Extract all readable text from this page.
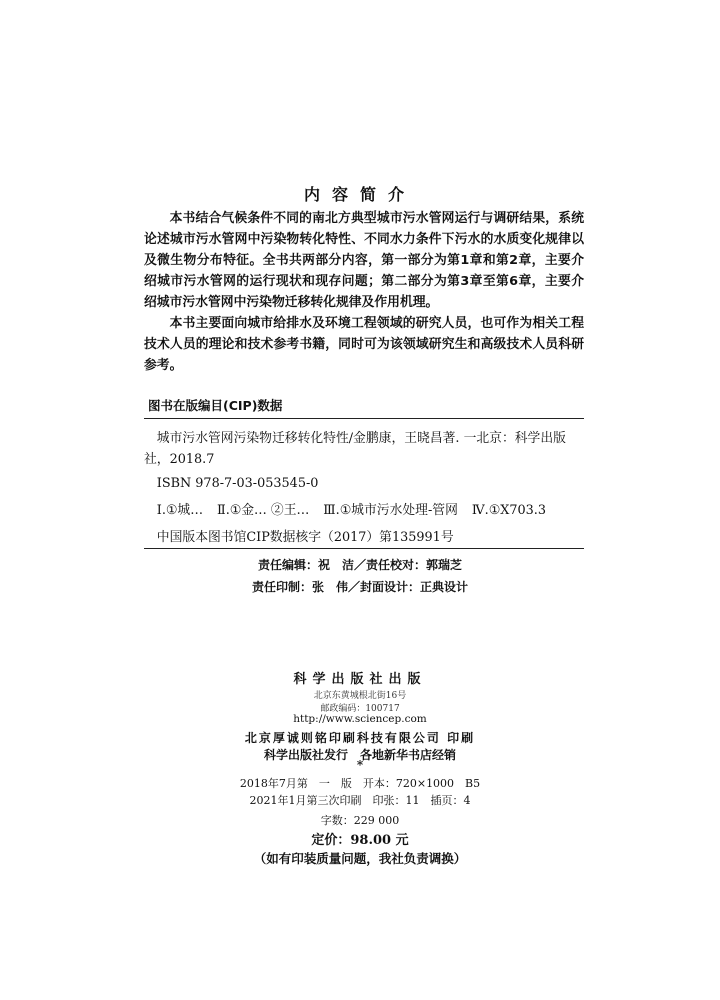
内容简介

本书结合气候条件不同的南北方典型城市污水管网运行与调研结果，系统论述城市污水管网中污染物转化特性、不同水力条件下污水的水质变化规律以及微生物分布特征。全书共两部分内容，第一部分为第1章和第2章，主要介绍城市污水管网的运行现状和现存问题；第二部分为第3章至第6章，主要介绍城市污水管网中污染物迁移转化规律及作用机理。

本书主要面向城市给排水及环境工程领域的研究人员，也可作为相关工程技术人员的理论和技术参考书籍，同时可为该领域研究生和高级技术人员科研参考。

图书在版编目(CIP)数据
城市污水管网污染物迁移转化特性/金鹏康，王晓昌著. 一北京：科学出版社，2018.7
ISBN 978-7-03-053545-0
Ⅰ.①城… Ⅱ.①金… ②王… Ⅲ.①城市污水处理-管网 Ⅳ.①X703.3
中国版本图书馆CIP数据核字（2017）第135991号
责任编辑：祝　洁／责任校对：郭瑞芝
责任印制：张　伟／封面设计：正典设计
科学出版社出版
北京东黄城根北街16号
邮政编码：100717
http://www.sciencep.com
北京厚诚则铭印刷科技有限公司 印刷
科学出版社发行　各地新华书店经销
*
2018年7月第　一　版　开本：720×1000　B5
2021年1月第三次印刷　印张：11　插页：4
字数：229 000
定价：98.00 元
（如有印装质量问题，我社负责调换）
